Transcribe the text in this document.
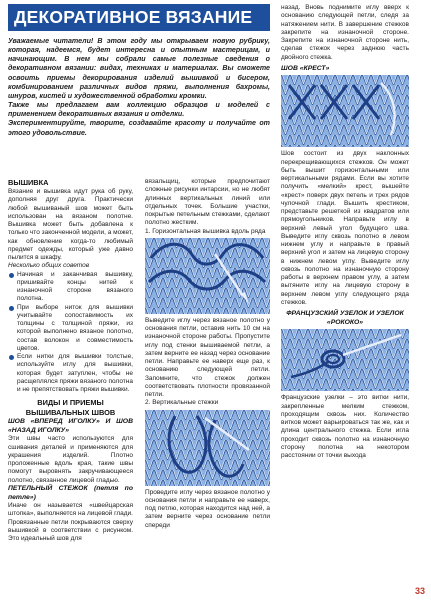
ДЕКОРАТИВНОЕ ВЯЗАНИЕ

Уважаемые читатели! В этом году мы открываем новую рубрику, которая, надеемся, будет интересна и опытным мастерицам, и начинающим. В нем мы собрали самые полезные сведения о декоративном вязании: видах, техниках и материалах. Вы сможете освоить приемы декорирования изделий вышивкой и бисером, комбинированием различных видов пряжи, выполнения бахромы, шнуров, кистей и художественной обработки кромки.

Также мы предлагаем вам коллекцию образцов и моделей с применением декоративных вязания и отделки.

Экспериментируйте, творите, создавайте красоту и получайте от этого удовольствие.

ВЫШИВКА

Вязание и вышивка идут рука об руку, дополняя друг друга. Практически любой вышиваный шов может быть использован на вязаном полотне. Вышивка может быть добавлена к только что законченной модели, а может, как обновление когда-то любимый предмет одежды, который уже давно пылится в шкафу.

Несколько общих советов

Начиная и заканчивая вышивку, пришивайте концы нитей к изнаночной стороне вязаного полотна.

При выборе ниток для вышивки учитывайте сопоставимость их толщины с толщиной пряжи, из которой выполнено вязаное полотно, состав волокон и совместимость цветов.

Если нитки для вышивки толстые, используйте иглу для вышивки, которая будет затуплен, чтобы не расщеплялся пряжи вязаного полотна и не препятствовать пряжи вышивки.

ВИДЫ И ПРИЕМЫ ВЫШИВАЛЬНЫХ ШВОВ
ШОВ «ВПЕРЕД ИГОЛКУ» И ШОВ «НАЗАД ИГОЛКУ»

Эти швы часто используются для сшивания деталей и применяются для украшения изделий. Плотно проложенные вдоль края, такие швы помогут выровнять закручивающееся полотно, связанное лицевой гладью.

ПЕТЕЛЬНЫЙ СТЕЖОК (петля по петле»)

Иначе он называется «швейцарская штопка», выполняется на лицевой глади. Провязанные петли покрываются сверху вышивкой в соответствии с рисунком. Это идеальный шов для

вязальщиц, которые предпочитают сложные рисунки интарсии, но не любят длинных вертикальных линий или отдельных точек. Большие участки, покрытые петельным стежками, сделают полотно жестким.

1. Горизонтальная вышивка вдоль ряда

Выведите иглу через вязаное полотно у основания петли, оставив нить 10 см на изнаночной стороне работы. Пропустите иглу под стенки вышиваемой петли, а затем верните ее назад через основание петли. Направьте ее наверх еще раз, к основанию следующей петли. Запомните, что стежок должен соответствовать плотности провязанной петли.

2. Вертикальные стежки

Проведите иглу через вязаное полотно у основания петли и направьте ее наверх, под петлю, которая находится над ней, а затем верните через основание петли спереди

назад. Вновь поднимите иглу вверх к основанию следующей петли, следя за натяжением нити. В завершение стежков закрепите на изнаночной стороне. Закрепите на изнаночной стороне нить, сделав стежок через заднюю часть двойного стежка.

ШОВ «КРЕСТ»

Шов состоит из двух наклонных перекрещивающихся стежков. Он может быть вышит горизонтальными или вертикальными рядами. Если вы хотите получить «мелкий» крест, вышейте «крест» поверх двух петель и трех рядов чулочной глади. Вышить крестиком, представьте решеткой из квадратов или прямоугольников. Направьте иглу в верхний левый угол будущего шва. Выведите иглу сквозь полотно в левом нижнем углу и направьте в правый верхний угол и затем на лицевую сторону в нижнем левом углу. Выведите иглу сквозь полотно на изнаночную сторону работы в верхнем правом углу, а затем вытяните иглу на лицевую сторону в верхнем левом углу следующего ряда стежков.

ФРАНЦУЗСКИЙ УЗЕЛОК И УЗЕЛОК «РОКОКО»

Французские узелки – это витки нити, закрепленные мелким стежком, проходящим сквозь них. Количество витков может варьироваться так же, как и длина центрального стежка. Если игла проходит сквозь полотно на изнаночную сторону полотна на некотором расстоянии от точки выхода

33
